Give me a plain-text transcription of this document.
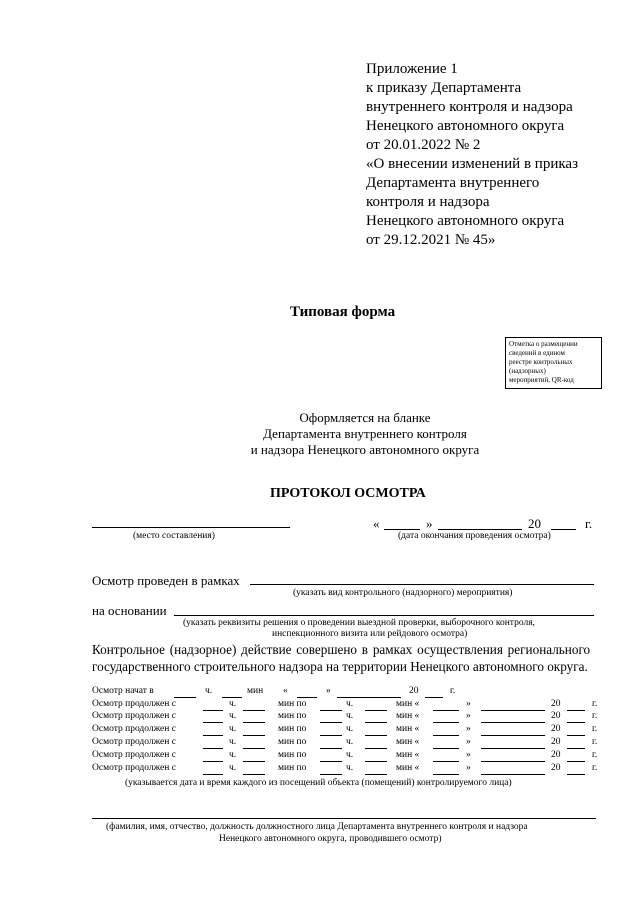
Приложение 1
к приказу Департамента
внутреннего контроля и надзора
Ненецкого автономного округа
от 20.01.2022 № 2
«О внесении изменений в приказ
Департамента внутреннего
контроля и надзора
Ненецкого автономного округа
от 29.12.2021 № 45»
Типовая форма
Отметка о размещении
сведений в едином
реестре контрольных
(надзорных)
мероприятий, QR-код
Оформляется на бланке
Департамента внутреннего контроля
и надзора Ненецкого автономного округа
ПРОТОКОЛ ОСМОТРА
(место составления)
«	»	20	г.
(дата окончания проведения осмотра)
Осмотр проведен в рамках
(указать вид контрольного (надзорного) мероприятия)
на основании
(указать реквизиты решения о проведении выездной проверки, выборочного контроля,
инспекционного визита или рейдового осмотра)
Контрольное (надзорное) действие совершено в рамках осуществления регионального
государственного строительного надзора на территории Ненецкого автономного округа.
Осмотр начат в	ч.	мин «	»	20	г.
Осмотр продолжен с	ч.	мин по	ч.	мин «	»	20	г.
Осмотр продолжен с	ч.	мин по	ч.	мин «	»	20	г.
Осмотр продолжен с	ч.	мин по	ч.	мин «	»	20	г.
Осмотр продолжен с	ч.	мин по	ч.	мин «	»	20	г.
Осмотр продолжен с	ч.	мин по	ч.	мин «	»	20	г.
Осмотр продолжен с	ч.	мин по	ч.	мин «	»	20	г.
(указывается дата и время каждого из посещений объекта (помещений) контролируемого лица)
(фамилия, имя, отчество, должность должностного лица Департамента внутреннего контроля и надзора
Ненецкого автономного округа, проводившего осмотр)
